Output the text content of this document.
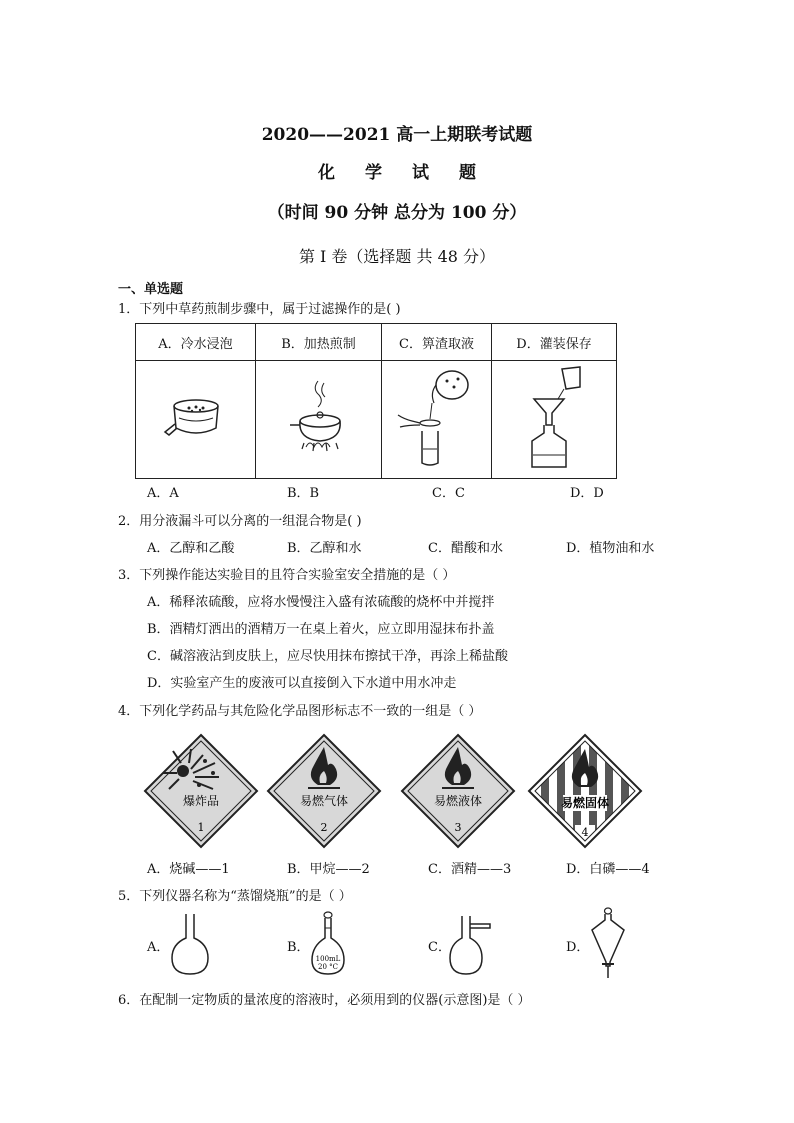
2020——2021 高一上期联考试题
化学试题
（时间 90 分钟 总分为 100 分）
第 I 卷（选择题 共 48 分）
一、单选题
1．下列中草药煎制步骤中，属于过滤操作的是( )
A．冷水浸泡	B．加热煎制	C．箅渣取液	D．灌装保存

A．A	B．B	C．C	D．D
2．用分液漏斗可以分离的一组混合物是( )
A．乙醇和乙酸	B．乙醇和水	C．醋酸和水	D．植物油和水
3．下列操作能达实验目的且符合实验室安全措施的是（ ）
A．稀释浓硫酸，应将水慢慢注入盛有浓硫酸的烧杯中并搅拌
B．酒精灯洒出的酒精万一在桌上着火，应立即用湿抹布扑盖
C．碱溶液沾到皮肤上，应尽快用抹布擦拭干净，再涂上稀盐酸
D．实验室产生的废液可以直接倒入下水道中用水冲走
4．下列化学药品与其危险化学品图形标志不一致的一组是（ ）
爆炸品
1
易燃气体
2
易燃液体
3
易燃固体
4
A．烧碱——1	B．甲烷——2	C．酒精——3	D．白磷——4
5．下列仪器名称为“蒸馏烧瓶”的是（ ）
A．	B．
100mL
20 °C
C．	D．
6．在配制一定物质的量浓度的溶液时，必须用到的仪器(示意图)是（ ）
